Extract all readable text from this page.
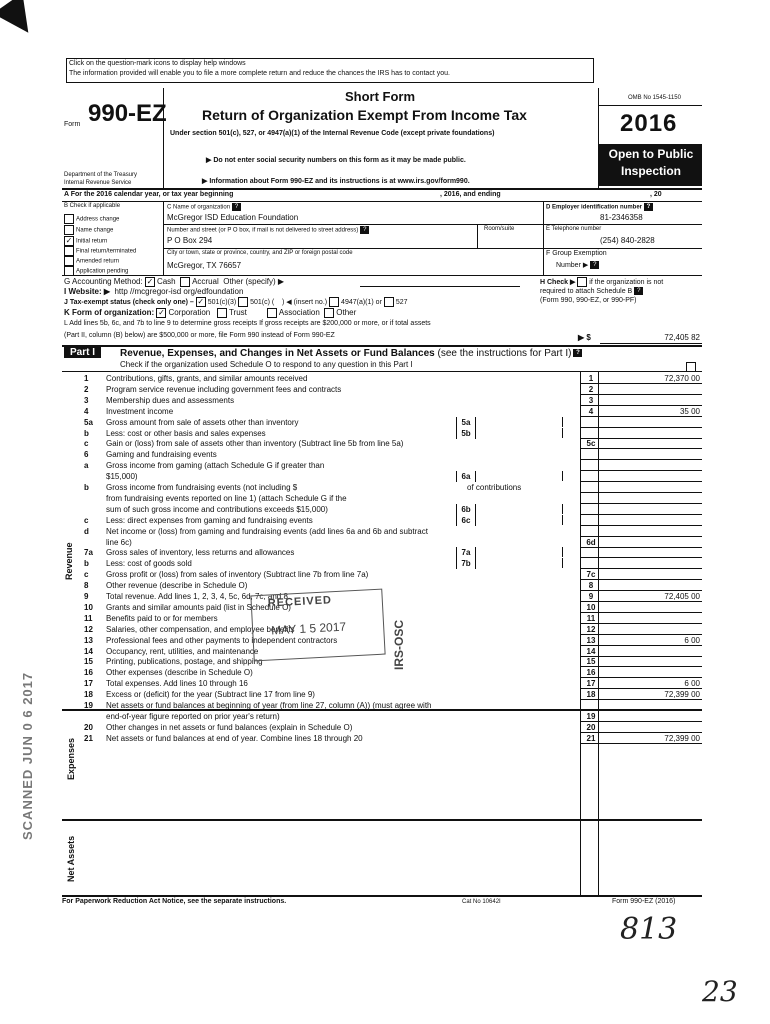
Click on the question-mark icons to display help windows
The information provided will enable you to file a more complete return and reduce the chances the IRS has to contact you.
Form 990-EZ
Department of the Treasury
Internal Revenue Service
Short Form
Return of Organization Exempt From Income Tax
Under section 501(c), 527, or 4947(a)(1) of the Internal Revenue Code (except private foundations)
▶ Do not enter social security numbers on this form as it may be made public.
▶ Information about Form 990-EZ and its instructions is at www.irs.gov/form990.
OMB No 1545-1150
2016
Open to Public
Inspection
A For the 2016 calendar year, or tax year beginning	, 2016, and ending	, 20
B Check if applicable
Address change
Name change
✓ Initial return
Final return/terminated
Amended return
Application pending
C Name of organization ?
McGregor ISD Education Foundation
Number and street (or P O box, if mail is not delivered to street address) ?	Room/suite
P O Box 294
City or town, state or province, country, and ZIP or foreign postal code
McGregor, TX 76657
D Employer identification number ?
81-2346358
E Telephone number
(254) 840-2828
F Group Exemption
Number ▶ ?
G Accounting Method: ✓ Cash Accrual Other (specify) ▶	H Check ▶ if the organization is not
required to attach Schedule B ?
(Form 990, 990-EZ, or 990-PF)
I Website: ▶ http //mcgregor-isd org/edfoundation
J Tax-exempt status (check only one) – ✓ 501(c)(3) 501(c) ( ) ◀ (insert no.) 4947(a)(1) or 527
K Form of organization: ✓ Corporation Trust	Association Other
L Add lines 5b, 6c, and 7b to line 9 to determine gross receipts If gross receipts are $200,000 or more, or if total assets
(Part II, column (B) below) are $500,000 or more, file Form 990 instead of Form 990-EZ	▶ $	72,405 82
Part I	Revenue, Expenses, and Changes in Net Assets or Fund Balances (see the instructions for Part I) ?
Check if the organization used Schedule O to respond to any question in this Part I
Revenue
Expenses
Net Assets
1 Contributions, gifts, grants, and similar amounts received	1	72,370 00
2 Program service revenue including government fees and contracts	2
3 Membership dues and assessments	3
4 Investment income	4	35 00
5a Gross amount from sale of assets other than inventory	5a
b Less: cost or other basis and sales expenses	5b
c Gain or (loss) from sale of assets other than inventory (Subtract line 5b from line 5a)	5c
6 Gaming and fundraising events
a Gross income from gaming (attach Schedule G if greater than
$15,000)	6a
b Gross income from fundraising events (not including $	of contributions
from fundraising events reported on line 1) (attach Schedule G if the
sum of such gross income and contributions exceeds $15,000)	6b
c Less: direct expenses from gaming and fundraising events	6c
d Net income or (loss) from gaming and fundraising events (add lines 6a and 6b and subtract
line 6c)	6d
7a Gross sales of inventory, less returns and allowances	7a
b Less: cost of goods sold	7b
c Gross profit or (loss) from sales of inventory (Subtract line 7b from line 7a)	7c
8 Other revenue (describe in Schedule O)	8
9 Total revenue. Add lines 1, 2, 3, 4, 5c, 6d, 7c, and 8	9	72,405 00
10 Grants and similar amounts paid (list in Schedule O)	10
11 Benefits paid to or for members	11
12 Salaries, other compensation, and employee benefits	12
13 Professional fees and other payments to independent contractors	13	6 00
14 Occupancy, rent, utilities, and maintenance	14
15 Printing, publications, postage, and shipping	15
16 Other expenses (describe in Schedule O)	16
17 Total expenses. Add lines 10 through 16	17	6 00
18 Excess or (deficit) for the year (Subtract line 17 from line 9)	18	72,399 00
19 Net assets or fund balances at beginning of year (from line 27, column (A)) (must agree with
end-of-year figure reported on prior year's return)	19
20 Other changes in net assets or fund balances (explain in Schedule O)	20
21 Net assets or fund balances at end of year. Combine lines 18 through 20	21	72,399 00
For Paperwork Reduction Act Notice, see the separate instructions.	Cat No 10642I	Form 990-EZ (2016)
RECEIVED
MAY 1 5 2017	IRS-OSC
SCANNED JUN 0 6 2017
813
23
